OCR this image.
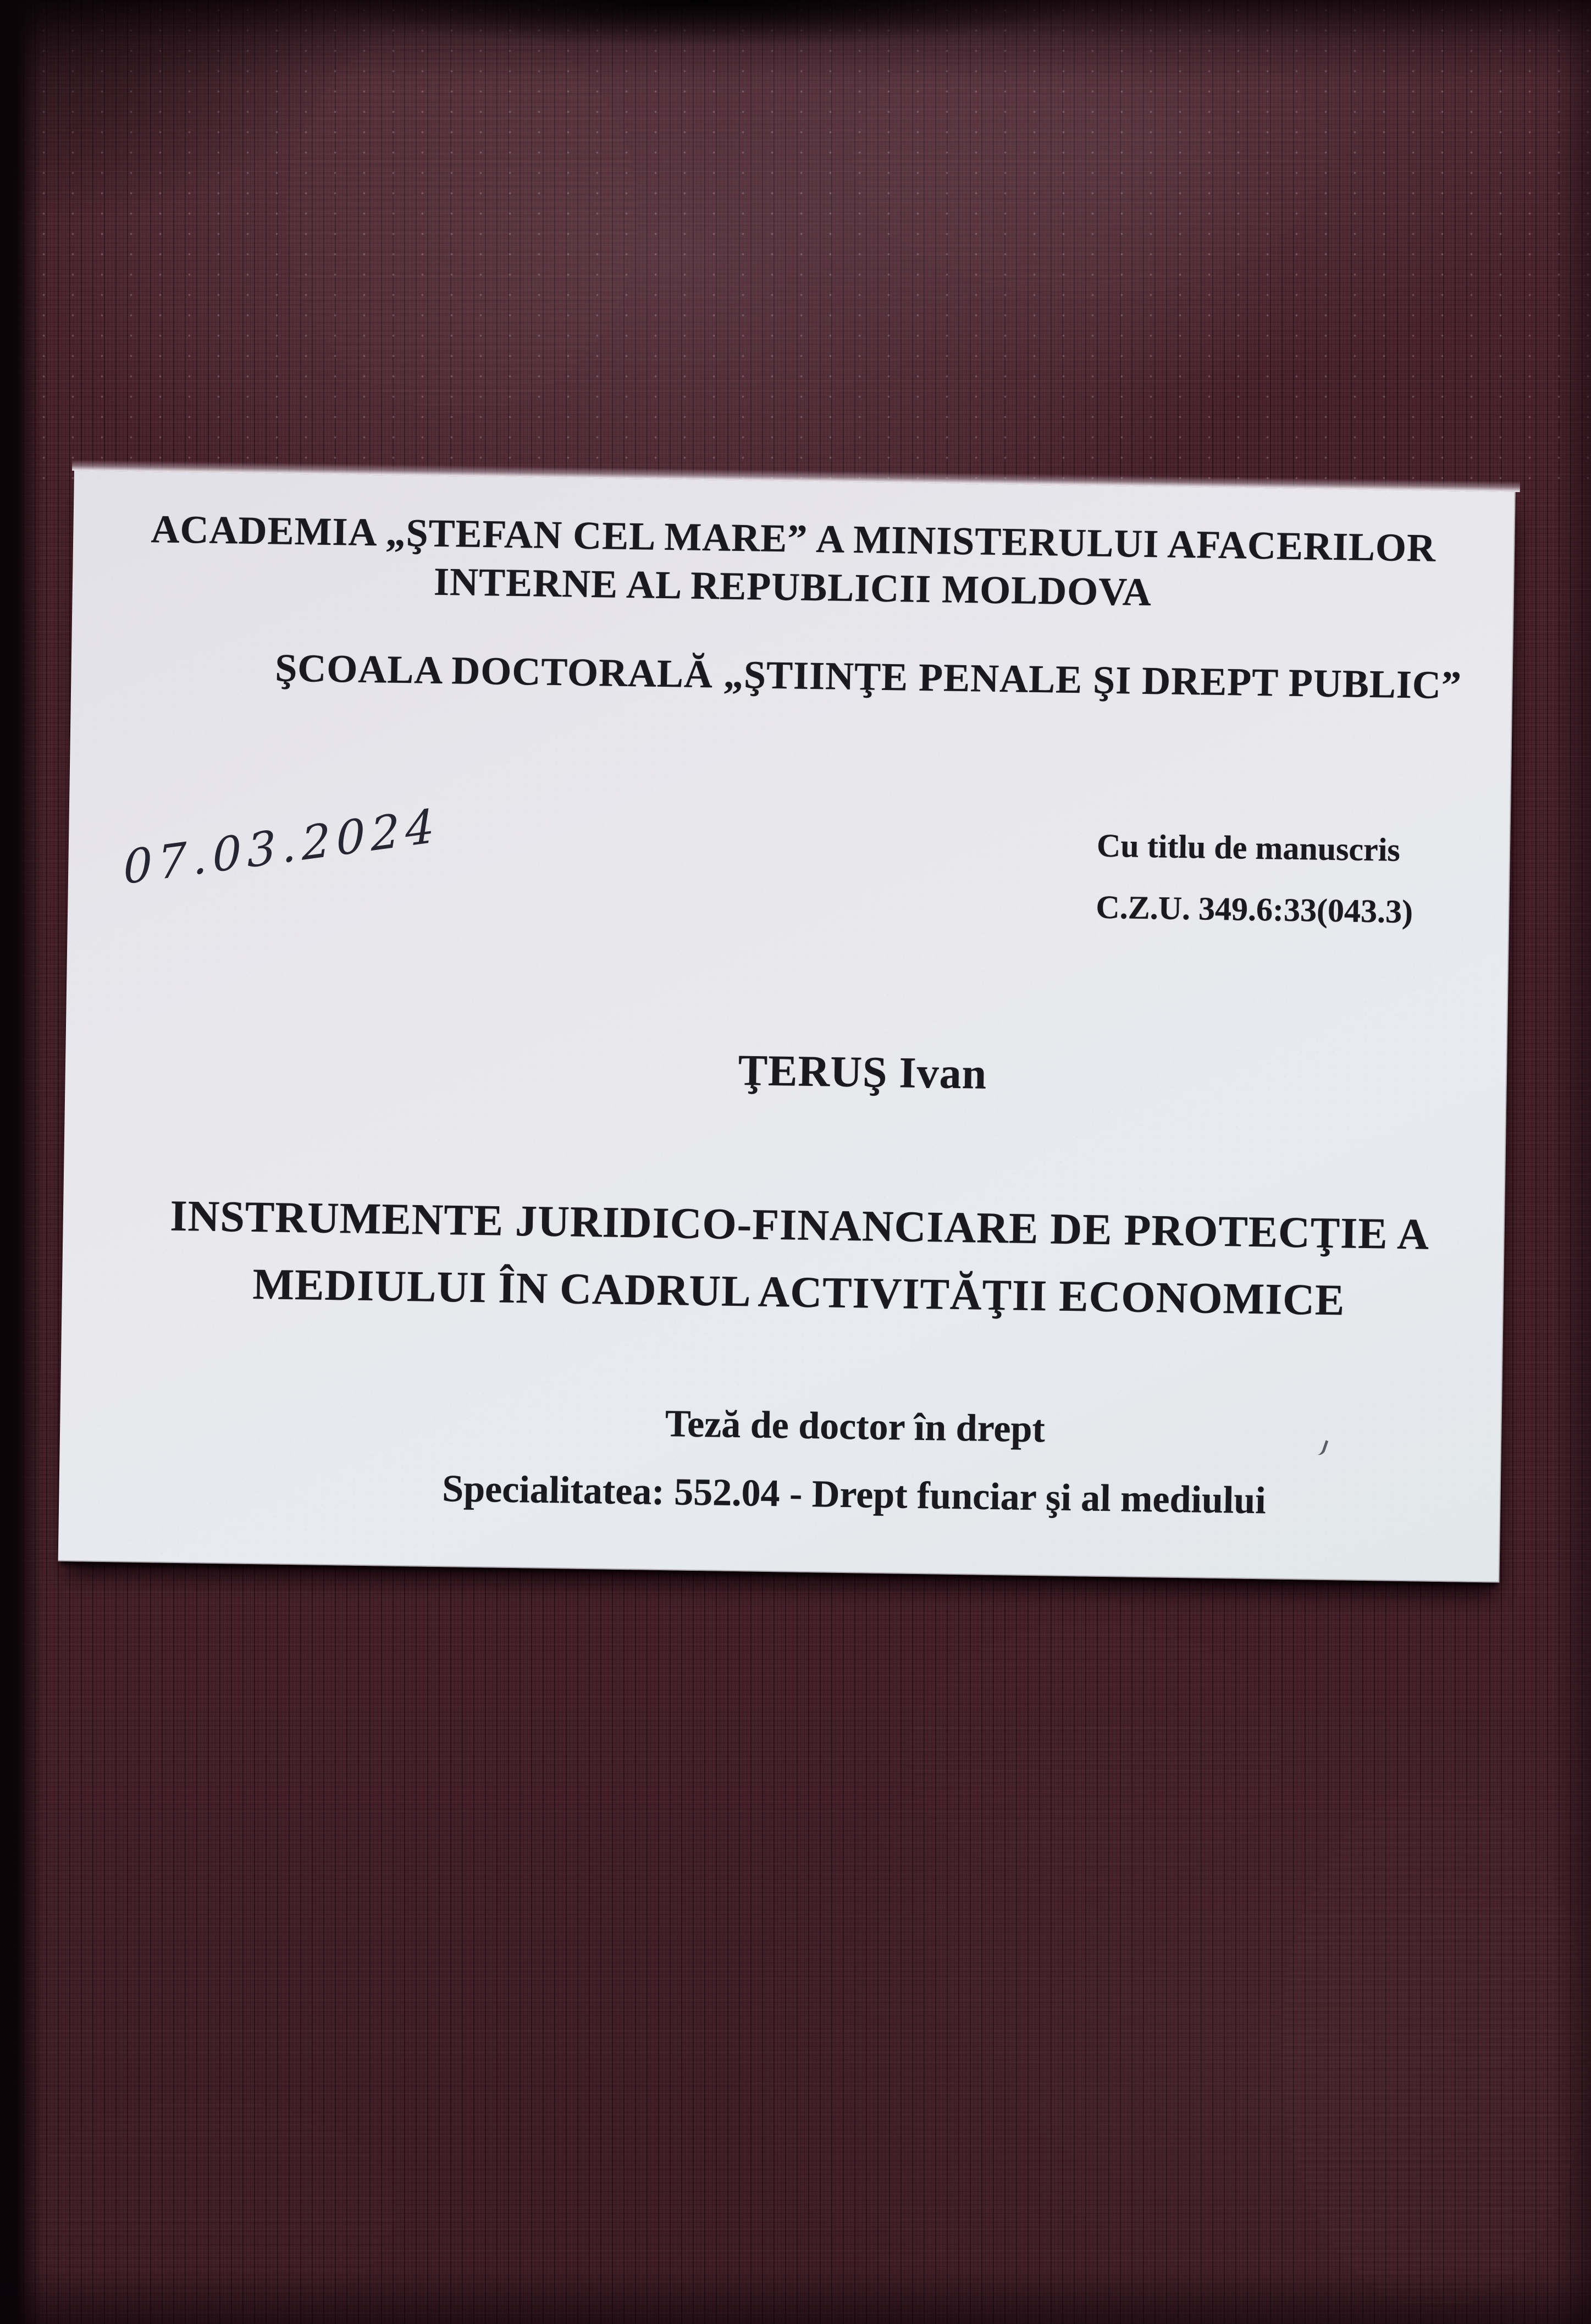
ACADEMIA „ŞTEFAN CEL MARE” A MINISTERULUI AFACERILOR
INTERNE AL REPUBLICII MOLDOVA
ŞCOALA DOCTORALĂ „ŞTIINŢE PENALE ŞI DREPT PUBLIC”
07.03.2024	Cu titlu de manuscris
C.Z.U. 349.6:33(043.3)
ŢERUŞ Ivan
INSTRUMENTE JURIDICO-FINANCIARE DE PROTECŢIE A
MEDIULUI ÎN CADRUL ACTIVITĂŢII ECONOMICE
Teză de doctor în drept
Specialitatea: 552.04 - Drept funciar şi al mediului
